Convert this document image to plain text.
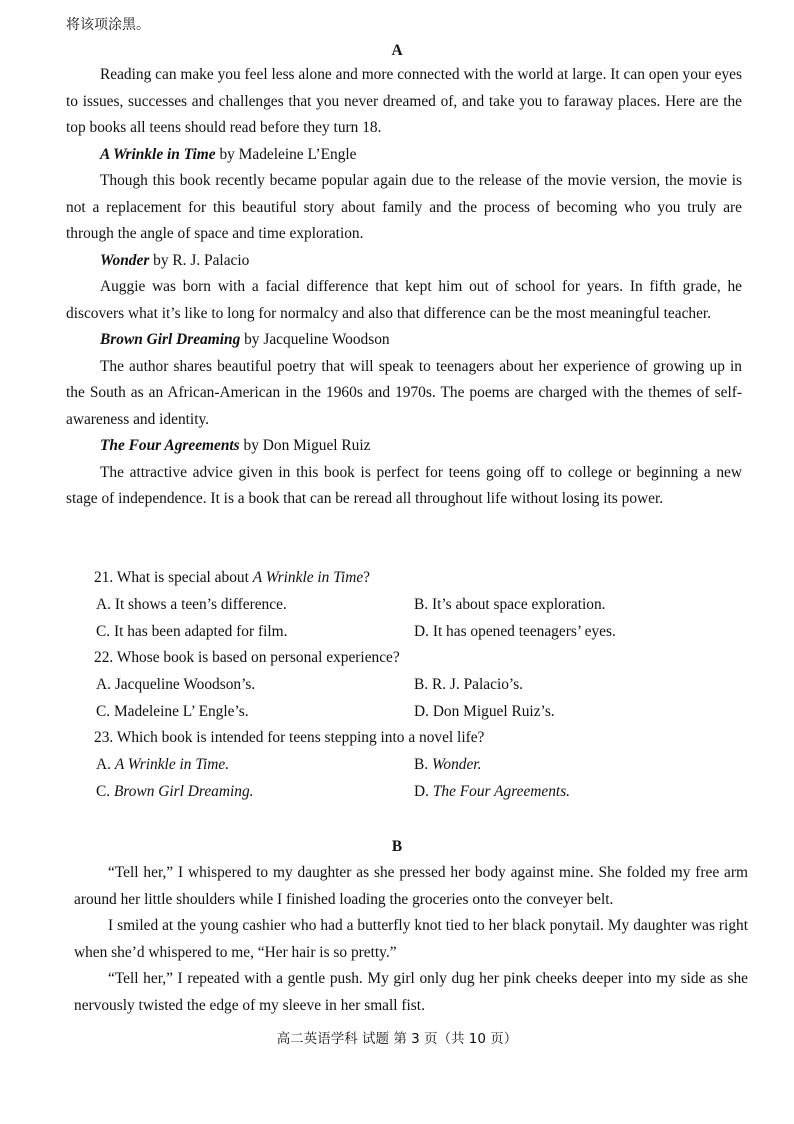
将该项涂黑。
A

Reading can make you feel less alone and more connected with the world at large. It can open your eyes to issues, successes and challenges that you never dreamed of, and take you to faraway places. Here are the top books all teens should read before they turn 18.

A Wrinkle in Time by Madeleine L’Engle

Though this book recently became popular again due to the release of the movie version, the movie is not a replacement for this beautiful story about family and the process of becoming who you truly are through the angle of space and time exploration.

Wonder by R. J. Palacio

Auggie was born with a facial difference that kept him out of school for years. In fifth grade, he discovers what it’s like to long for normalcy and also that difference can be the most meaningful teacher.

Brown Girl Dreaming by Jacqueline Woodson

The author shares beautiful poetry that will speak to teenagers about her experience of growing up in the South as an African-American in the 1960s and 1970s. The poems are charged with the themes of self-awareness and identity.

The Four Agreements by Don Miguel Ruiz

The attractive advice given in this book is perfect for teens going off to college or beginning a new stage of independence. It is a book that can be reread all throughout life without losing its power.

21. What is special about A Wrinkle in Time?
A. It shows a teen’s difference.	B. It’s about space exploration.
C. It has been adapted for film.	D. It has opened teenagers’ eyes.
22. Whose book is based on personal experience?
A. Jacqueline Woodson’s.	B. R. J. Palacio’s.
C. Madeleine L’ Engle’s.	D. Don Miguel Ruiz’s.
23. Which book is intended for teens stepping into a novel life?
A. A Wrinkle in Time.	B. Wonder.
C. Brown Girl Dreaming.	D. The Four Agreements.
B

“Tell her,” I whispered to my daughter as she pressed her body against mine. She folded my free arm around her little shoulders while I finished loading the groceries onto the conveyer belt.

I smiled at the young cashier who had a butterfly knot tied to her black ponytail. My daughter was right when she’d whispered to me, “Her hair is so pretty.”

“Tell her,” I repeated with a gentle push. My girl only dug her pink cheeks deeper into my side as she nervously twisted the edge of my sleeve in her small fist.

高二英语学科 试题 第 3 页（共 10 页）
